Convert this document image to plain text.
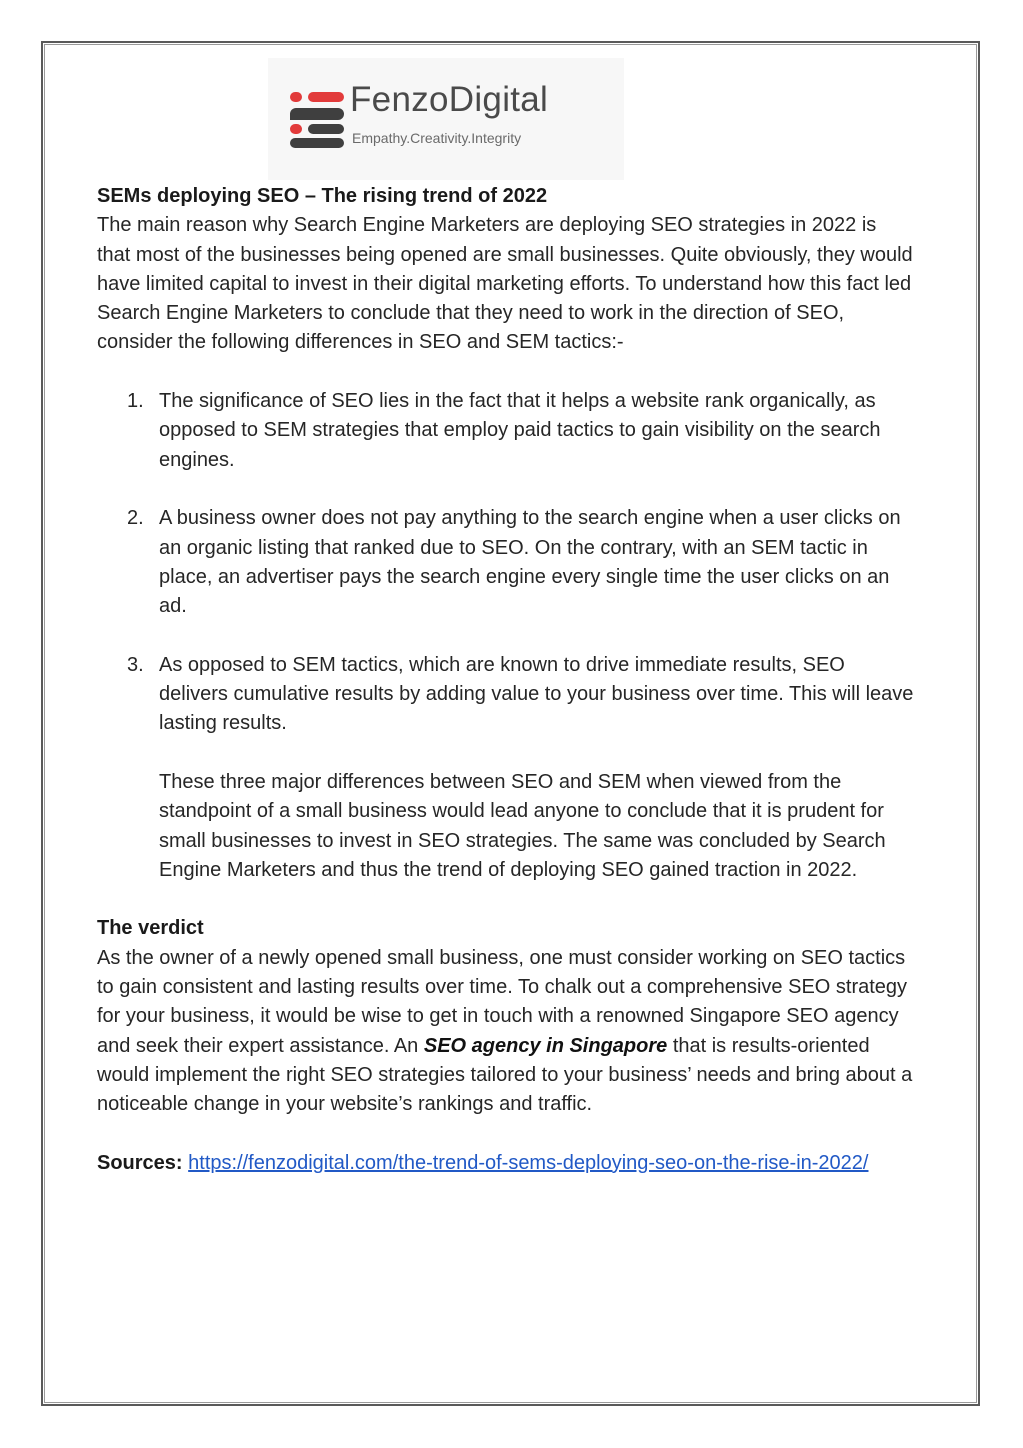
FenzoDigital
Empathy.Creativity.Integrity

SEMs deploying SEO – The rising trend of 2022

The main reason why Search Engine Marketers are deploying SEO strategies in 2022 is that most of the businesses being opened are small businesses. Quite obviously, they would have limited capital to invest in their digital marketing efforts. To understand how this fact led Search Engine Marketers to conclude that they need to work in the direction of SEO, consider the following differences in SEO and SEM tactics:-

1. The significance of SEO lies in the fact that it helps a website rank organically, as opposed to SEM strategies that employ paid tactics to gain visibility on the search engines.
2. A business owner does not pay anything to the search engine when a user clicks on an organic listing that ranked due to SEO. On the contrary, with an SEM tactic in place, an advertiser pays the search engine every single time the user clicks on an ad.
3. As opposed to SEM tactics, which are known to drive immediate results, SEO delivers cumulative results by adding value to your business over time. This will leave lasting results.

These three major differences between SEO and SEM when viewed from the standpoint of a small business would lead anyone to conclude that it is prudent for small businesses to invest in SEO strategies. The same was concluded by Search Engine Marketers and thus the trend of deploying SEO gained traction in 2022.

The verdict

As the owner of a newly opened small business, one must consider working on SEO tactics to gain consistent and lasting results over time. To chalk out a comprehensive SEO strategy for your business, it would be wise to get in touch with a renowned Singapore SEO agency and seek their expert assistance. An SEO agency in Singapore that is results-oriented would implement the right SEO strategies tailored to your business’ needs and bring about a noticeable change in your website’s rankings and traffic.

Sources: https://fenzodigital.com/the-trend-of-sems-deploying-seo-on-the-rise-in-2022/
